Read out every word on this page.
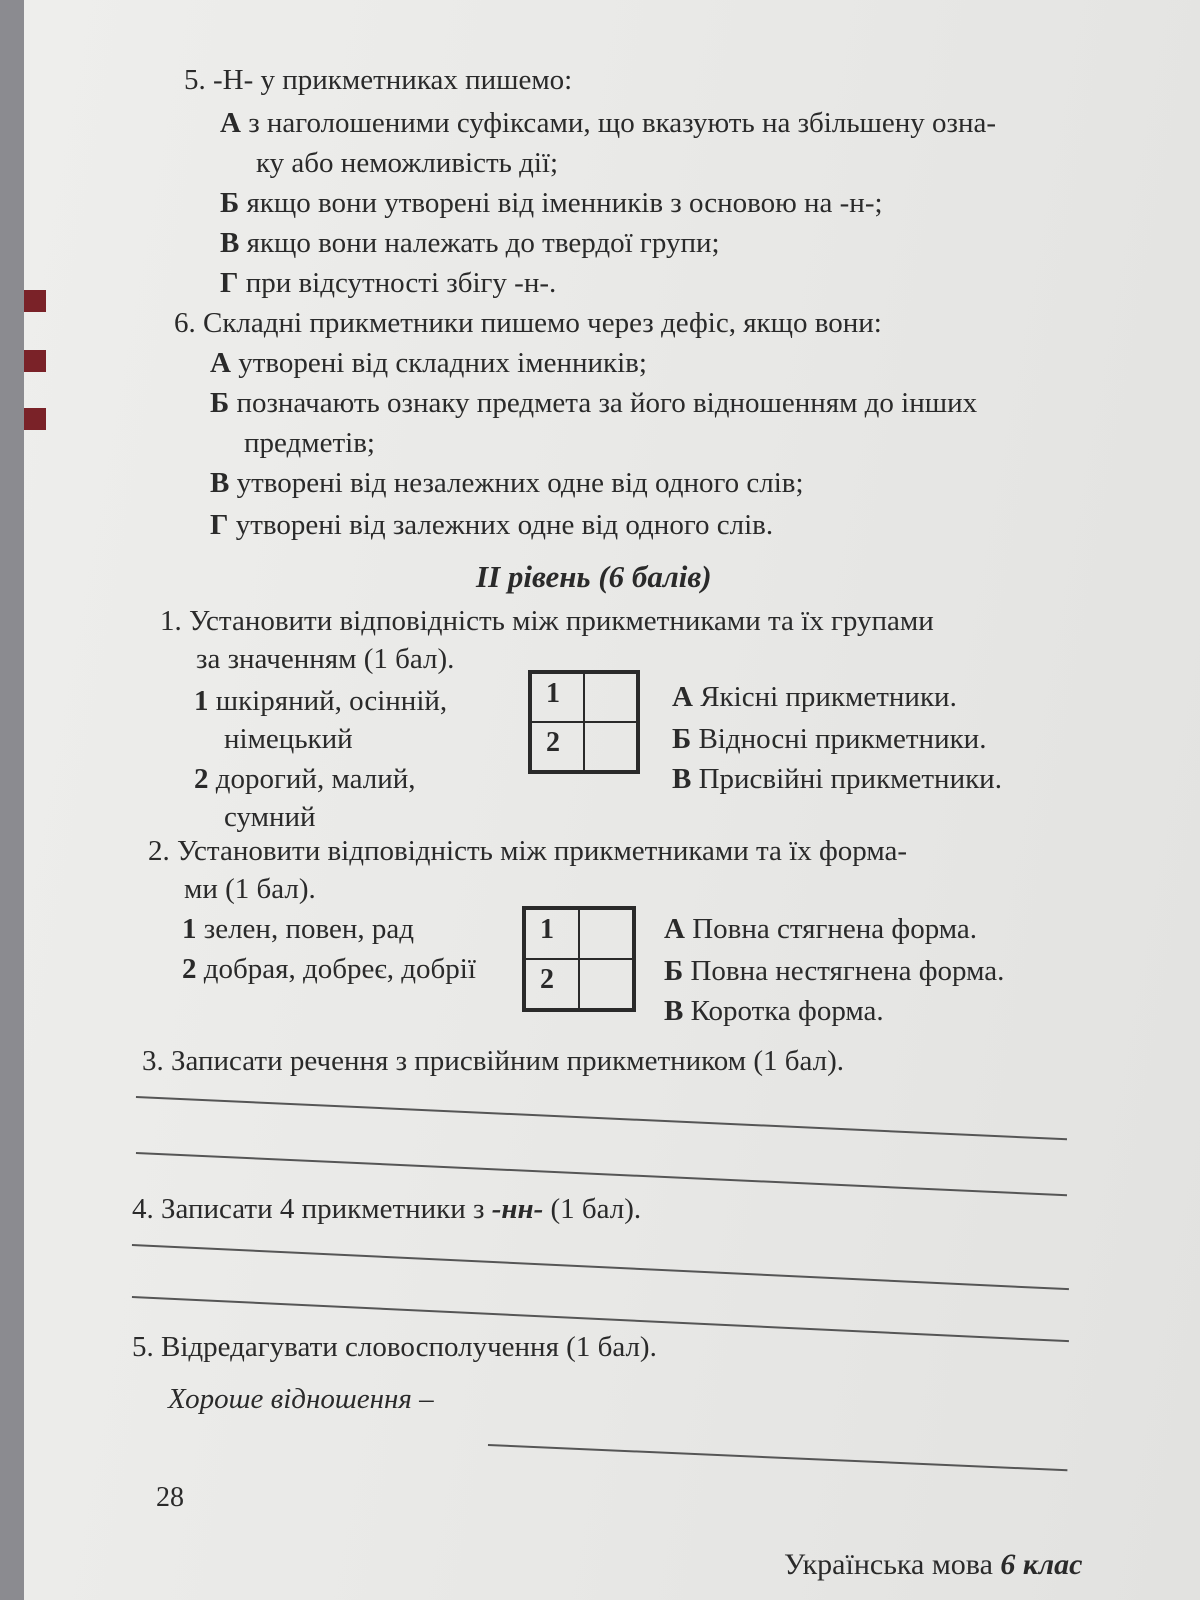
5. -Н- у прикметниках пишемо:
А з наголошеними суфіксами, що вказують на збільшену озна-
ку або неможливість дії;
Б якщо вони утворені від іменників з основою на -н-;
В якщо вони належать до твердої групи;
Г при відсутності збігу -н-.
6. Складні прикметники пишемо через дефіс, якщо вони:
А утворені від складних іменників;
Б позначають ознаку предмета за його відношенням до інших
предметів;
В утворені від незалежних одне від одного слів;
Г утворені від залежних одне від одного слів.
II рівень (6 балів)
1. Установити відповідність між прикметниками та їх групами
за значенням (1 бал).
1 шкіряний, осінній,
німецький
2 дорогий, малий,
сумний
1
2
А Якісні прикметники.
Б Відносні прикметники.
В Присвійні прикметники.
2. Установити відповідність між прикметниками та їх форма-
ми (1 бал).
1 зелен, повен, рад
2 добрая, добреє, добрії
1
2
А Повна стягнена форма.
Б Повна нестягнена форма.
В Коротка форма.
3. Записати речення з присвійним прикметником (1 бал).
4. Записати 4 прикметники з -нн- (1 бал).
5. Відредагувати словосполучення (1 бал).
Хороше відношення –
28
Українська мова 6 клас
